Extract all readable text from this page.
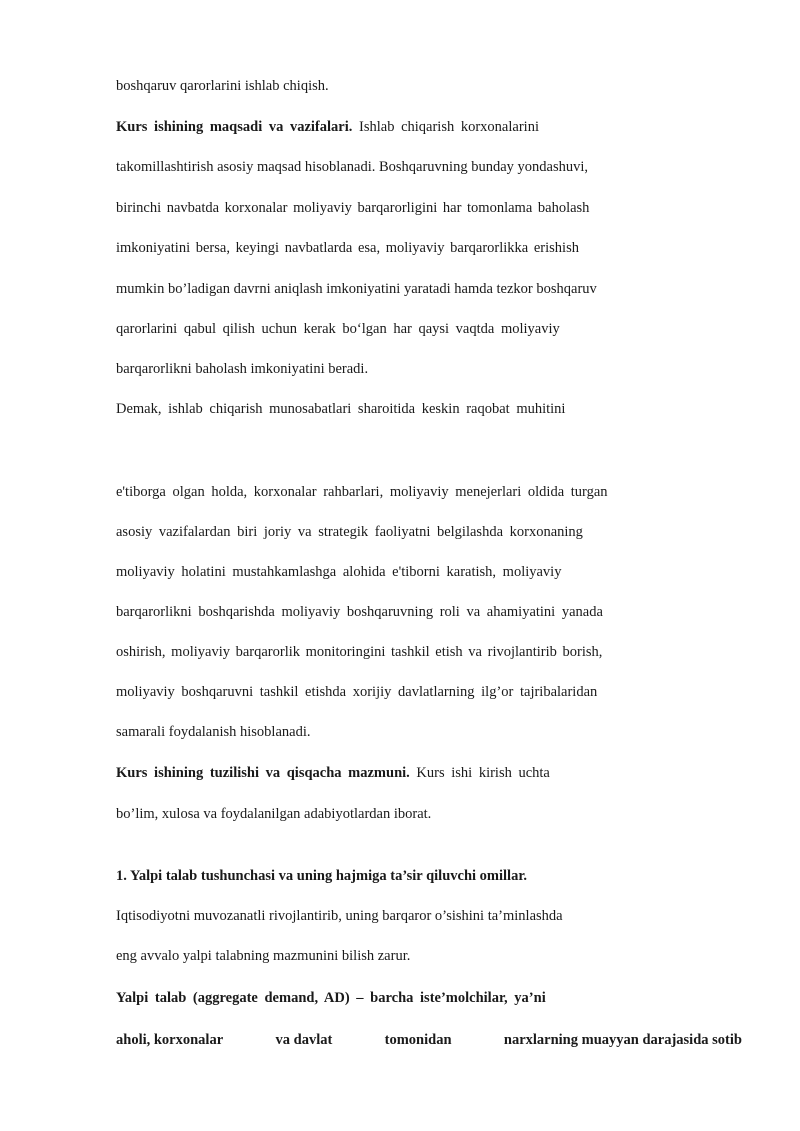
boshqaruv qarorlarini ishlab chiqish.
Kurs ishining maqsadi va vazifalari. Ishlab chiqarish korxonalarini
takomillashtirish asosiy maqsad hisoblanadi. Boshqaruvning bunday yondashuvi,
birinchi navbatda korxonalar moliyaviy barqarorligini har tomonlama baholash
imkoniyatini bersa, keyingi navbatlarda esa, moliyaviy barqarorlikka erishish
mumkin bo’ladigan davrni aniqlash imkoniyatini yaratadi hamda tezkor boshqaruv
qarorlarini qabul qilish uchun kerak bo‘lgan har qaysi vaqtda moliyaviy
barqarorlikni baholash imkoniyatini beradi.
Demak, ishlab chiqarish munosabatlari sharoitida keskin raqobat muhitini
e'tiborga olgan holda, korxonalar rahbarlari, moliyaviy menejerlari oldida turgan
asosiy vazifalardan biri joriy va strategik faoliyatni belgilashda korxonaning
moliyaviy holatini mustahkamlashga alohida e'tiborni karatish, moliyaviy
barqarorlikni boshqarishda moliyaviy boshqaruvning roli va ahamiyatini yanada
oshirish, moliyaviy barqarorlik monitoringini tashkil etish va rivojlantirib borish,
moliyaviy boshqaruvni tashkil etishda xorijiy davlatlarning ilg’or tajribalaridan
samarali foydalanish hisoblanadi.
Kurs ishining tuzilishi va qisqacha mazmuni. Kurs ishi kirish uchta
bo’lim, xulosa va foydalanilgan adabiyotlardan iborat.
1. Yalpi talab tushunchasi va uning hajmiga ta’sir qiluvchi omillar.
Iqtisodiyotni muvozanatli rivojlantirib, uning barqaror o’sishini ta’minlashda
eng avvalo yalpi talabning mazmunini bilish zarur.
Yalpi talab (aggregate demand, AD) – barcha iste’molchilar, ya’ni
aholi, korxonalar	va davlat	tomonidan	narxlarning muayyan darajasida sotib
